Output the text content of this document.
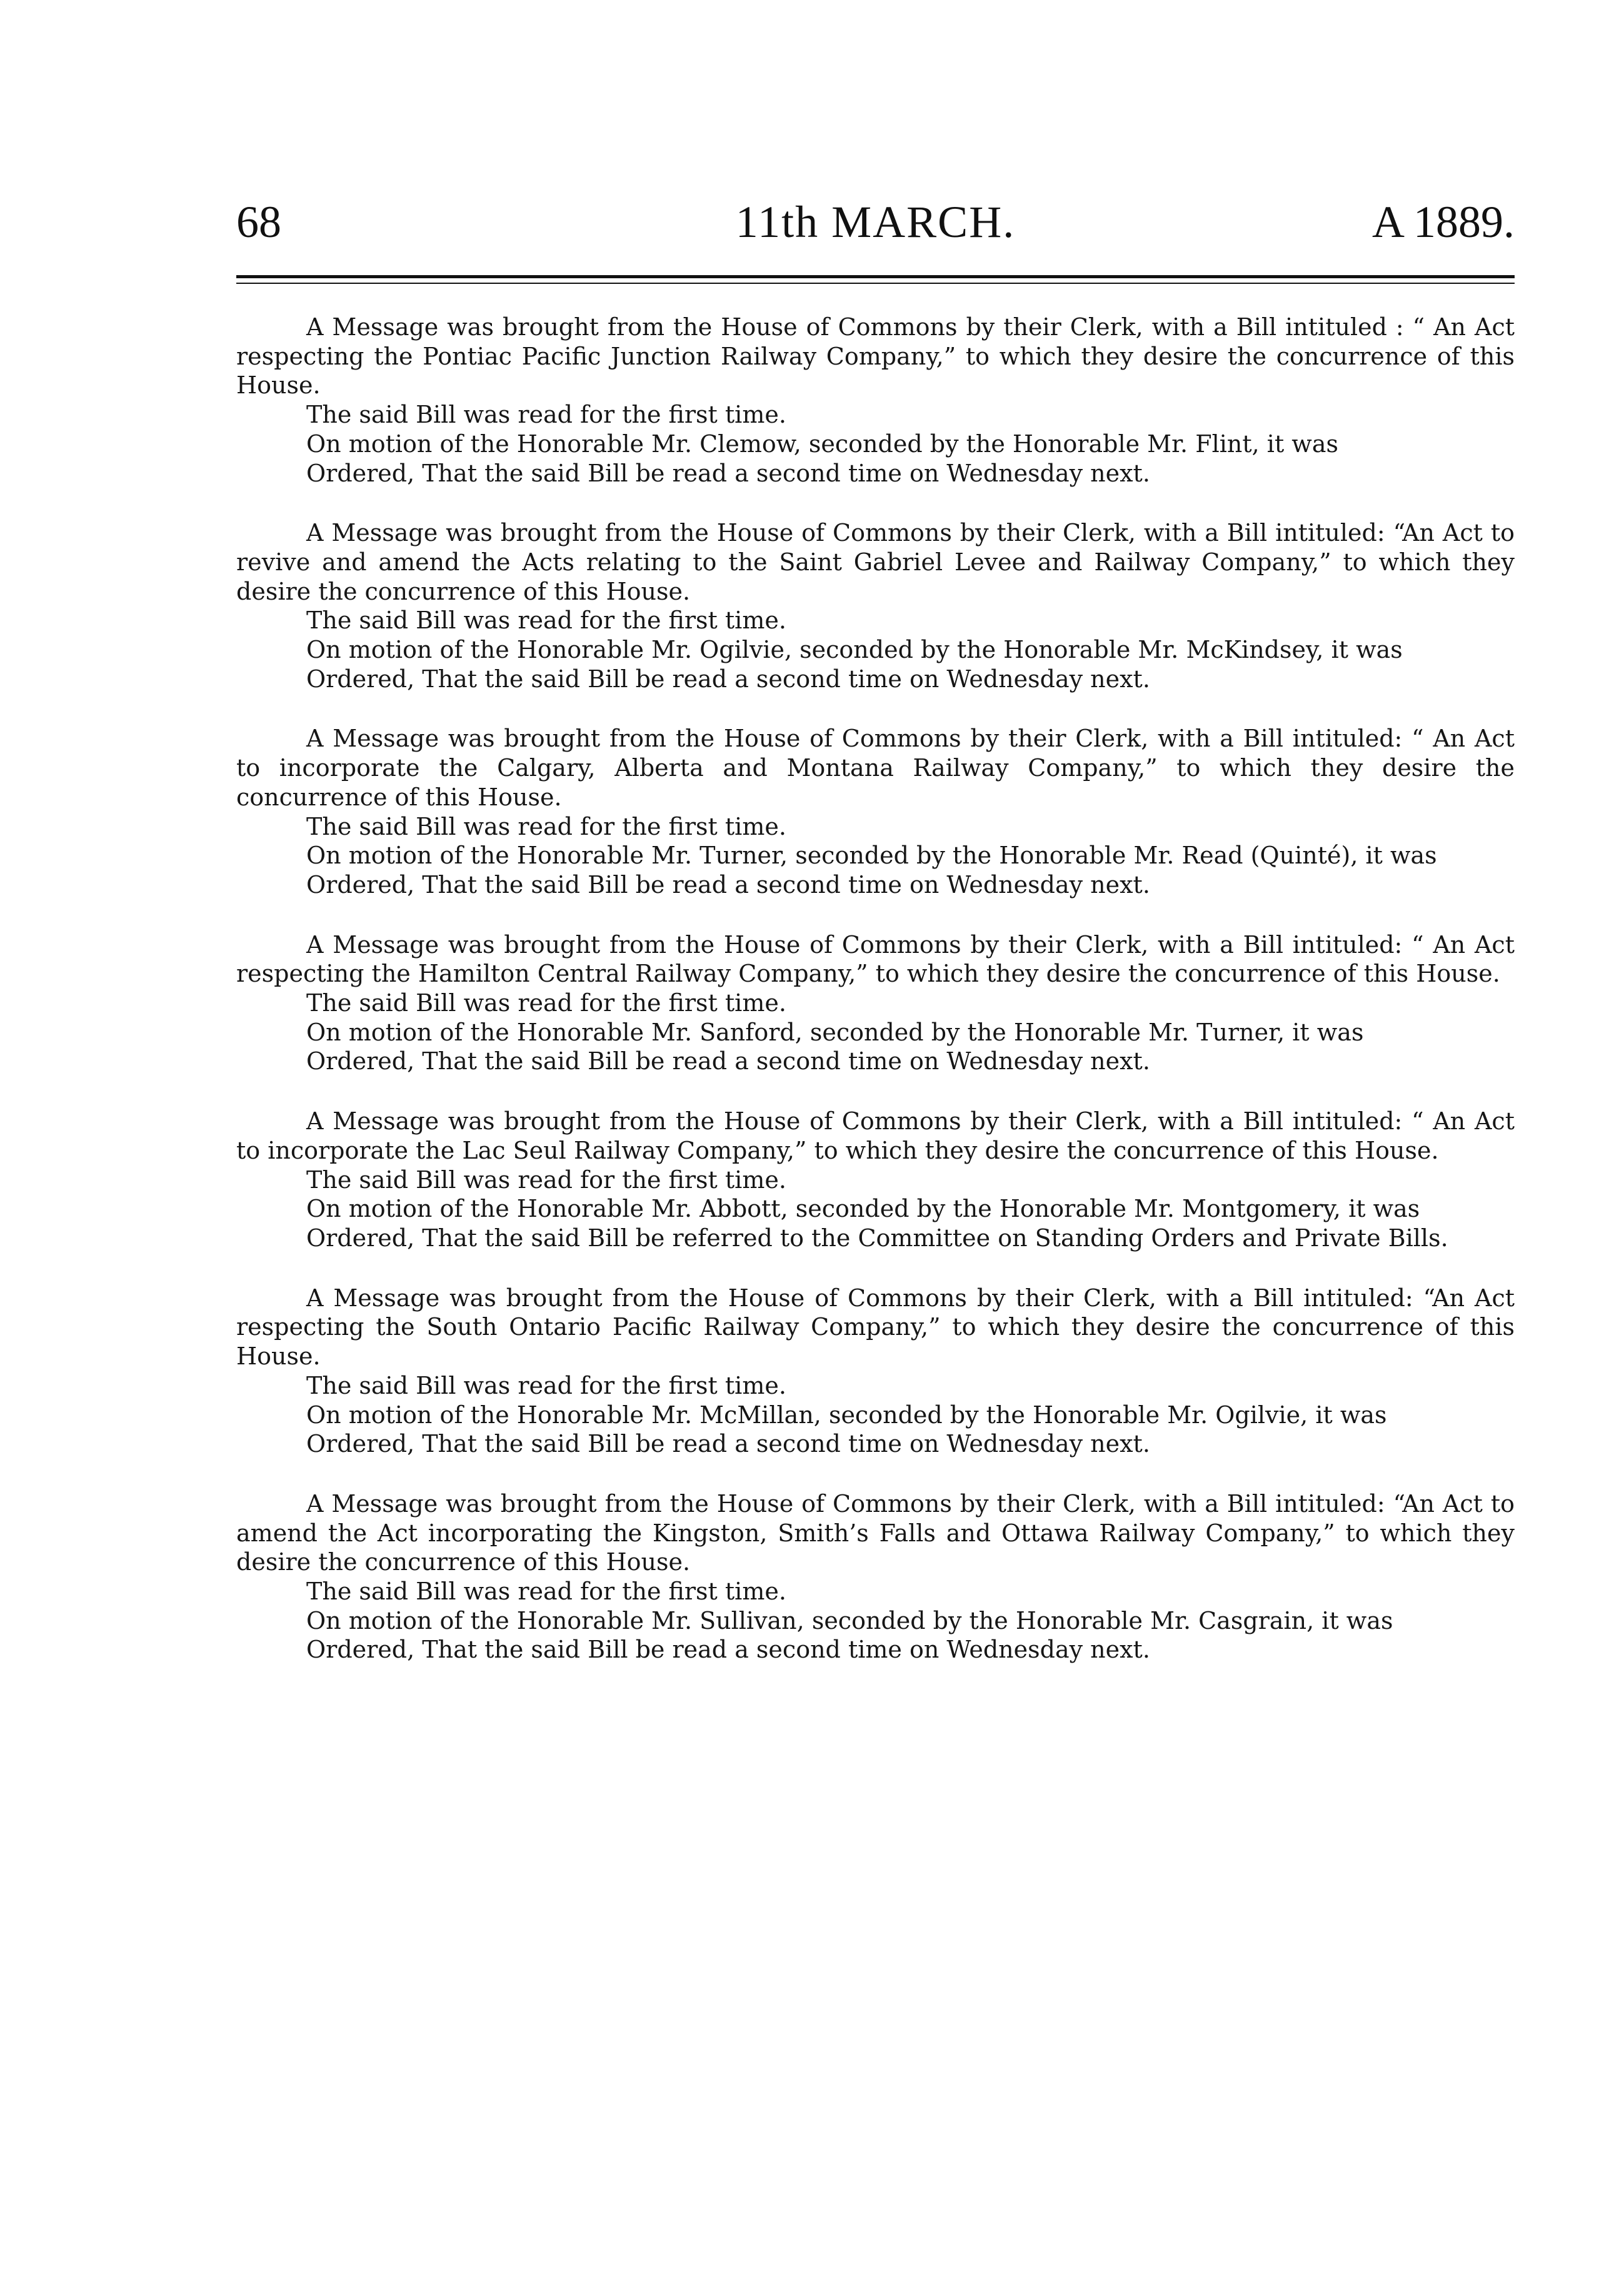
68	11th MARCH.	A 1889.
A Message was brought from the House of Commons by their Clerk, with a Bill intituled : “ An Act respecting the Pontiac Pacific Junction Railway Company,” to which they desire the concurrence of this House.
The said Bill was read for the first time.
On motion of the Honorable Mr. Clemow, seconded by the Honorable Mr. Flint, it was
Ordered, That the said Bill be read a second time on Wednesday next.
A Message was brought from the House of Commons by their Clerk, with a Bill intituled: “An Act to revive and amend the Acts relating to the Saint Gabriel Levee and Railway Company,” to which they desire the concurrence of this House.
The said Bill was read for the first time.
On motion of the Honorable Mr. Ogilvie, seconded by the Honorable Mr. McKindsey, it was
Ordered, That the said Bill be read a second time on Wednesday next.
A Message was brought from the House of Commons by their Clerk, with a Bill intituled: “ An Act to incorporate the Calgary, Alberta and Montana Railway Company,” to which they desire the concurrence of this House.
The said Bill was read for the first time.
On motion of the Honorable Mr. Turner, seconded by the Honorable Mr. Read (Quinté), it was
Ordered, That the said Bill be read a second time on Wednesday next.
A Message was brought from the House of Commons by their Clerk, with a Bill intituled: “ An Act respecting the Hamilton Central Railway Company,” to which they desire the concurrence of this House.
The said Bill was read for the first time.
On motion of the Honorable Mr. Sanford, seconded by the Honorable Mr. Turner, it was
Ordered, That the said Bill be read a second time on Wednesday next.
A Message was brought from the House of Commons by their Clerk, with a Bill intituled: “ An Act to incorporate the Lac Seul Railway Company,” to which they desire the concurrence of this House.
The said Bill was read for the first time.
On motion of the Honorable Mr. Abbott, seconded by the Honorable Mr. Montgomery, it was
Ordered, That the said Bill be referred to the Committee on Standing Orders and Private Bills.
A Message was brought from the House of Commons by their Clerk, with a Bill intituled: “An Act respecting the South Ontario Pacific Railway Company,” to which they desire the concurrence of this House.
The said Bill was read for the first time.
On motion of the Honorable Mr. McMillan, seconded by the Honorable Mr. Ogilvie, it was
Ordered, That the said Bill be read a second time on Wednesday next.
A Message was brought from the House of Commons by their Clerk, with a Bill intituled: “An Act to amend the Act incorporating the Kingston, Smith’s Falls and Ottawa Railway Company,” to which they desire the concurrence of this House.
The said Bill was read for the first time.
On motion of the Honorable Mr. Sullivan, seconded by the Honorable Mr. Casgrain, it was
Ordered, That the said Bill be read a second time on Wednesday next.
